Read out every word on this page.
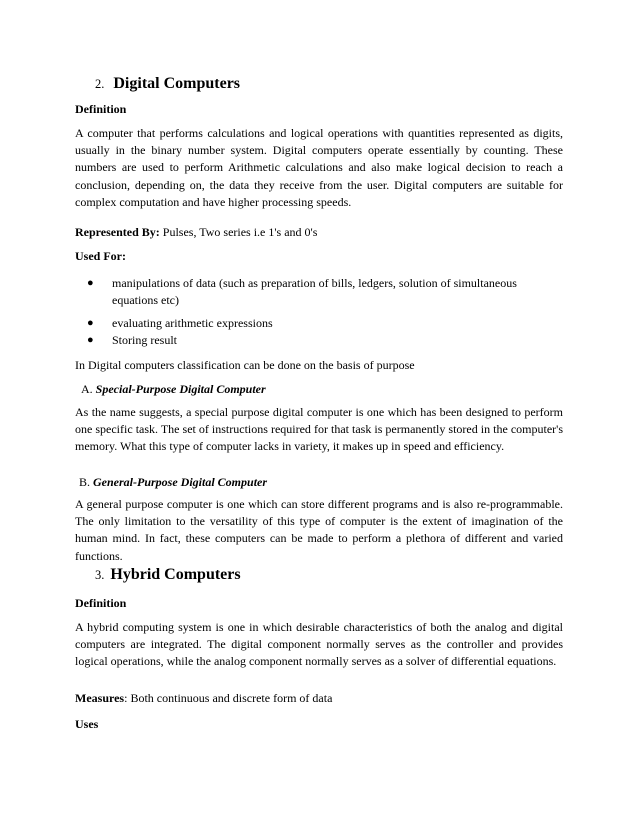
2. Digital Computers
Definition
A computer that performs calculations and logical operations with quantities represented as digits, usually in the binary number system. Digital computers operate essentially by counting. These numbers are used to perform Arithmetic calculations and also make logical decision to reach a conclusion, depending on, the data they receive from the user. Digital computers are suitable for complex computation and have higher processing speeds.
Represented By: Pulses, Two series i.e 1's and 0's
Used For:
● manipulations of data (such as preparation of bills, ledgers, solution of simultaneous equations etc)
● evaluating arithmetic expressions
● Storing result
In Digital computers classification can be done on the basis of purpose
A. Special-Purpose Digital Computer
As the name suggests, a special purpose digital computer is one which has been designed to perform one specific task. The set of instructions required for that task is permanently stored in the computer's memory. What this type of computer lacks in variety, it makes up in speed and efficiency.
B. General-Purpose Digital Computer
A general purpose computer is one which can store different programs and is also re-programmable. The only limitation to the versatility of this type of computer is the extent of imagination of the human mind. In fact, these computers can be made to perform a plethora of different and varied functions.
3. Hybrid Computers
Definition
A hybrid computing system is one in which desirable characteristics of both the analog and digital computers are integrated. The digital component normally serves as the controller and provides logical operations, while the analog component normally serves as a solver of differential equations.
Measures: Both continuous and discrete form of data
Uses
